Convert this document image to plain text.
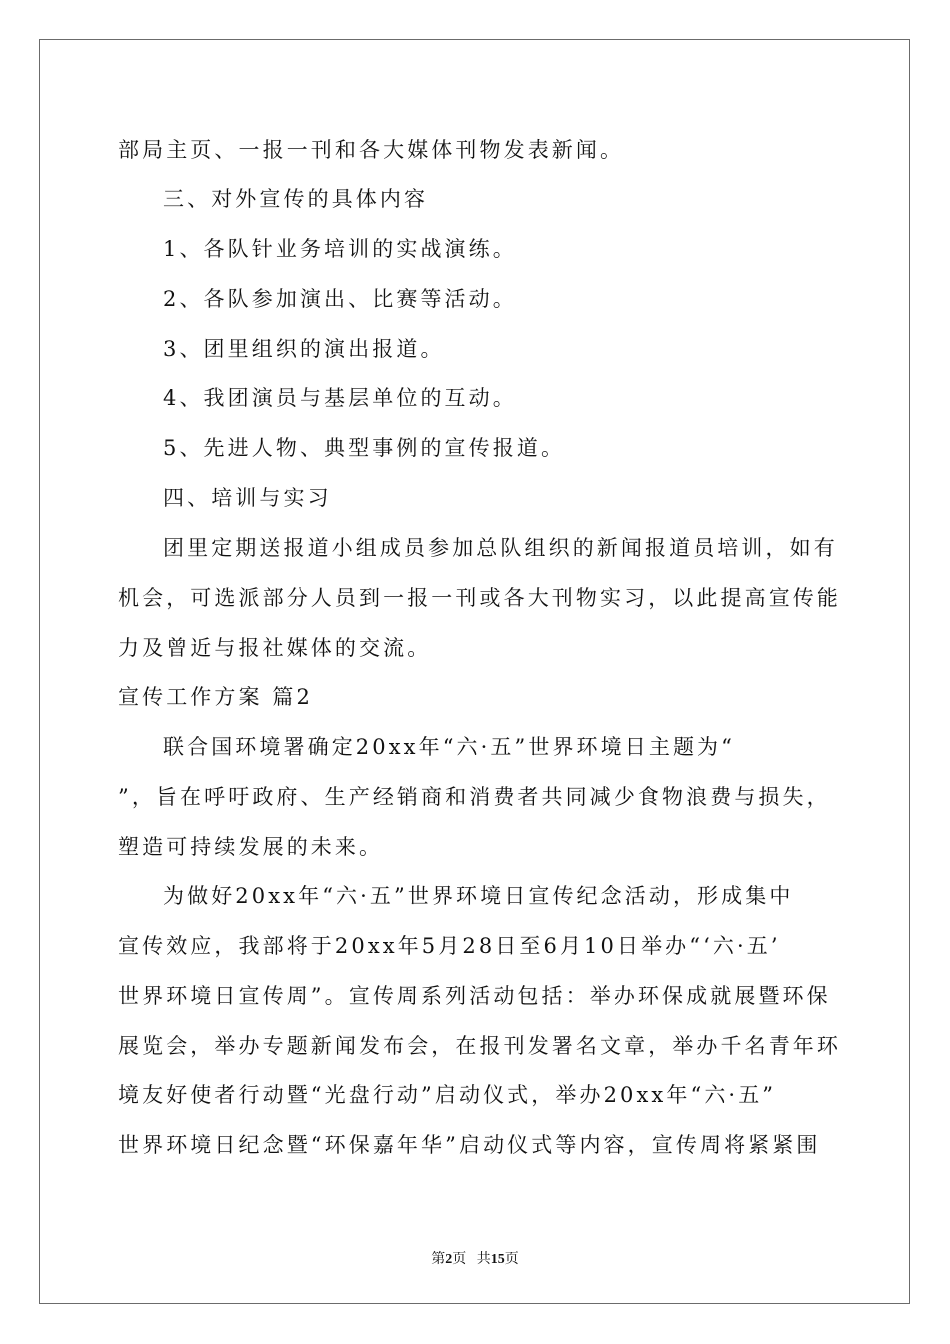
部局主页、一报一刊和各大媒体刊物发表新闻。
三、对外宣传的具体内容
1、各队针业务培训的实战演练。
2、各队参加演出、比赛等活动。
3、团里组织的演出报道。
4、我团演员与基层单位的互动。
5、先进人物、典型事例的宣传报道。
四、培训与实习
团里定期送报道小组成员参加总队组织的新闻报道员培训，如有
机会，可选派部分人员到一报一刊或各大刊物实习，以此提高宣传能
力及曾近与报社媒体的交流。
宣传工作方案 篇2
联合国环境署确定20xx年“六·五”世界环境日主题为“
”，旨在呼吁政府、生产经销商和消费者共同减少食物浪费与损失，
塑造可持续发展的未来。
为做好20xx年“六·五”世界环境日宣传纪念活动，形成集中
宣传效应，我部将于20xx年5月28日至6月10日举办“‘六·五’
世界环境日宣传周”。宣传周系列活动包括：举办环保成就展暨环保
展览会，举办专题新闻发布会，在报刊发署名文章，举办千名青年环
境友好使者行动暨“光盘行动”启动仪式，举办20xx年“六·五”
世界环境日纪念暨“环保嘉年华”启动仪式等内容，宣传周将紧紧围
第2页   共15页
